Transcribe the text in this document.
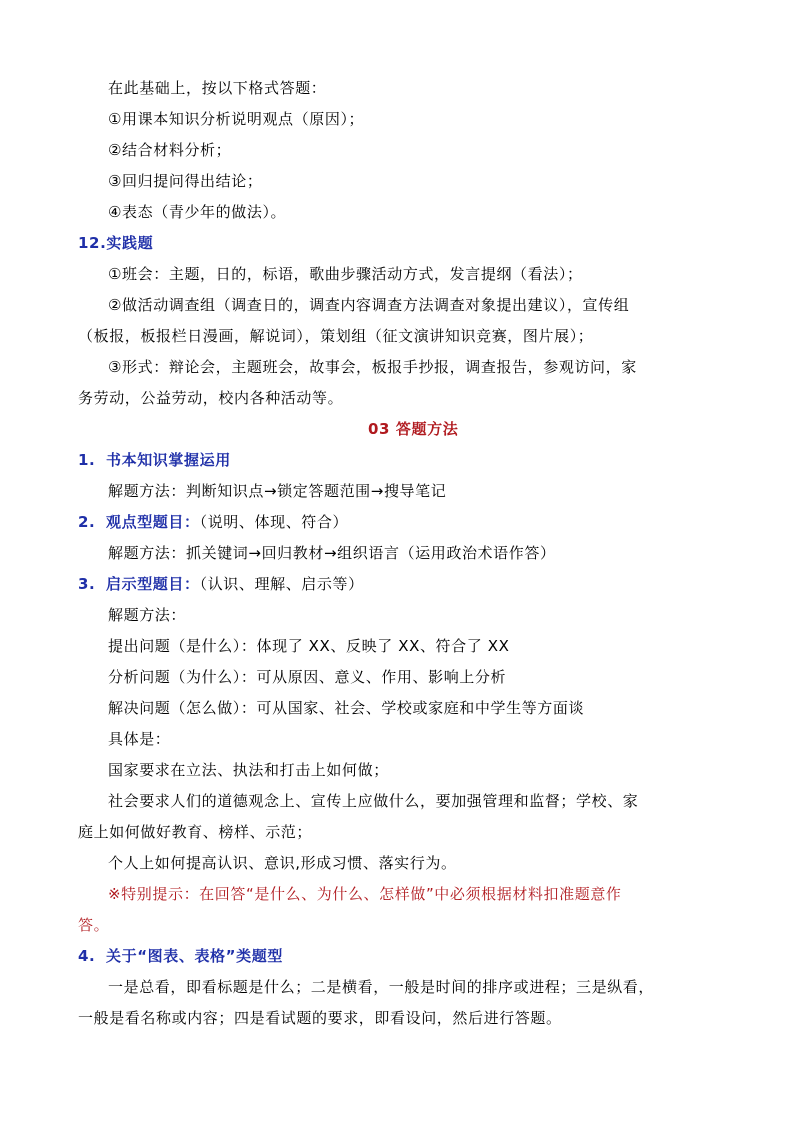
在此基础上，按以下格式答题：
①用课本知识分析说明观点（原因）；
②结合材料分析；
③回归提问得出结论；
④表态（青少年的做法）。
12.实践题
①班会：主题，日的，标语，歌曲步骤活动方式，发言提纲（看法）；
②做活动调查组（调查日的，调查内容调查方法调查对象提出建议），宣传组
（板报，板报栏日漫画，解说词），策划组（征文演讲知识竞赛，图片展）；
③形式：辩论会，主题班会，故事会，板报手抄报，调查报告，参观访问，家
务劳动，公益劳动，校内各种活动等。
03 答题方法
1. 书本知识掌握运用
解题方法：判断知识点→锁定答题范围→搜导笔记
2. 观点型题目：（说明、体现、符合）
解题方法：抓关键词→回归教材→组织语言（运用政治术语作答）
3. 启示型题目：（认识、理解、启示等）
解题方法：
提出问题（是什么）：体现了 XX、反映了 XX、符合了 XX
分析问题（为什么）：可从原因、意义、作用、影响上分析
解决问题（怎么做）：可从国家、社会、学校或家庭和中学生等方面谈
具体是：
国家要求在立法、执法和打击上如何做；
社会要求人们的道德观念上、宣传上应做什么，要加强管理和监督；学校、家
庭上如何做好教育、榜样、示范；
个人上如何提高认识、意识,形成习惯、落实行为。
※特别提示：在回答“是什么、为什么、怎样做”中必须根据材料扣准题意作
答。
4. 关于“图表、表格”类题型
一是总看，即看标题是什么；二是横看，一般是时间的排序或进程；三是纵看，
一般是看名称或内容；四是看试题的要求，即看设问，然后进行答题。
